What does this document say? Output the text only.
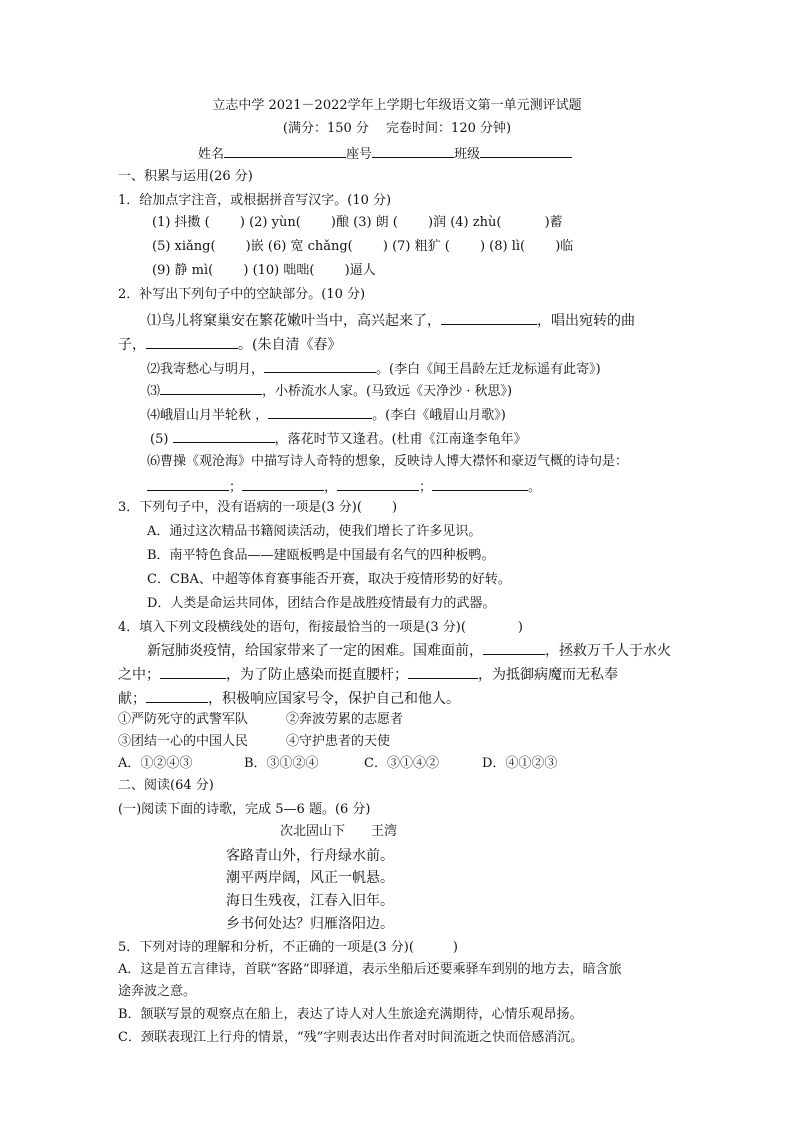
立志中学 2021－2022学年上学期七年级语文第一单元测评试题
(满分：150 分　 完卷时间：120 分钟)
姓名	座号	班级
一、积累与运用(26 分)
1．给加点字注音，或根据拼音写汉字。(10 分)
(1) 抖擞 (　　 ) (2) yùn(　　 )酿 (3) 朗 (　　 )润 (4) zhù(　　　 )蓄
(5) xiǎng(　　 )嵌 (6) 宽 chǎng(　　 ) (7) 粗犷 (　　 ) (8) lì(　　 )临
(9) 静 mì(　　 ) (10) 咄咄(　　 )逼人
2．补写出下列句子中的空缺部分。(10 分)
⑴鸟儿将窠巢安在繁花嫩叶当中，高兴起来了，	，唱出宛转的曲
子，	。(朱自清《春》
⑵我寄愁心与明月，	。(李白《闻王昌龄左迁龙标遥有此寄》)
⑶	，小桥流水人家。(马致远《天净沙 · 秋思》)
⑷峨眉山月半轮秋 ，	。(李白《峨眉山月歌》)
(5)	，落花时节又逢君。(杜甫《江南逢李龟年》
⑹曹操《观沧海》中描写诗人奇特的想象，反映诗人博大襟怀和豪迈气概的诗句是：
；	，	；	。
3．下列句子中，没有语病的一项是(3 分)(　　 )
A．通过这次精品书籍阅读活动，使我们增长了许多见识。
B．南平特色食品——建瓯板鸭是中国最有名气的四种板鸭。
C．CBA、中超等体育赛事能否开赛，取决于疫情形势的好转。
D．人类是命运共同体，团结合作是战胜疫情最有力的武器。
4．填入下列文段横线处的语句，衔接最恰当的一项是(3 分)(　　　　)
新冠肺炎疫情，给国家带来了一定的困难。国难面前，	，拯救万千人于水火
之中；	，为了防止感染而挺直腰杆；	，为抵御病魔而无私奉
献；	，积极响应国家号令，保护自己和他人。
①严防死守的武警军队	②奔波劳累的志愿者
③团结一心的中国人民	④守护患者的天使
A．①②④③	B．③①②④	C．③①④②	D．④①②③
二、阅读(64 分)
(一)阅读下面的诗歌，完成 5—6 题。(6 分)
次北固山下 王湾
客路青山外，行舟绿水前。
潮平两岸阔，风正一帆悬。
海日生残夜，江春入旧年。
乡书何处达？归雁洛阳边。
5．下列对诗的理解和分析，不正确的一项是(3 分)(　　　)
A．这是首五言律诗，首联“客路”即驿道，表示坐船后还要乘驿车到别的地方去，暗含旅
途奔波之意。
B．颔联写景的观察点在船上，表达了诗人对人生旅途充满期待，心情乐观昂扬。
C．颈联表现江上行舟的情景，“残”字则表达出作者对时间流逝之快而倍感消沉。
